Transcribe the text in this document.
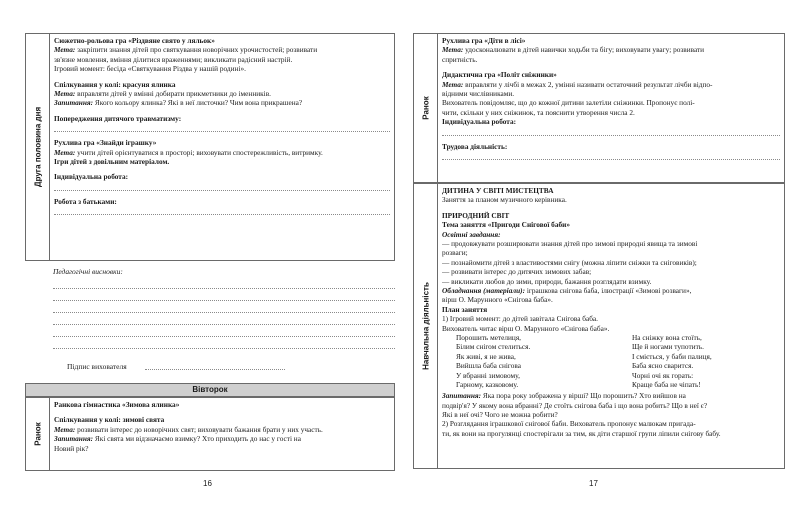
Друга половина дня

Сюжетно-рольова гра «Різдвяне свято у ляльок»

Мета: закріпити знання дітей про святкування новорічних урочистостей; розвивати

зв'язне мовлення, вміння ділитися враженнями; викликати радісний настрій.

Ігровий момент: бесіда «Святкування Різдва у нашій родині».

Спілкування у колі: красуня ялинка

Мета: вправляти дітей у вмінні добирати прикметники до іменників.

Запитання: Якого кольору ялинка? Які в неї листочки? Чим вона прикрашена?

Попередження дитячого травматизму:

Рухлива гра «Знайди іграшку»

Мета: учити дітей орієнтуватися в просторі; виховувати спостережливість, витримку.

Ігри дітей з довільним матеріалом.

Індивідуальна робота:

Робота з батьками:

Педагогічні висновки:
Підпис вихователя
Вівторок
Ранок

Ранкова гімнастика «Зимова ялинка»

Спілкування у колі: зимові свята

Мета: розвивати інтерес до новорічних свят; виховувати бажання брати у них участь.

Запитання: Які свята ми відзначаємо взимку? Хто приходить до нас у гості на

Новий рік?

16
Ранок

Рухлива гра «Діти в лісі»

Мета: удосконалювати в дітей навички ходьби та бігу; виховувати увагу; розвивати

спритність.

Дидактична гра «Політ сніжинки»

Мета: вправляти у лічбі в межах 2, умінні називати остаточний результат лічби відпо-

відними числівниками.

Вихователь повідомляє, що до кожної дитини залетіли сніжинки. Пропонує полі-

чити, скільки у них сніжинок, та пояснити утворення числа 2.

Індивідуальна робота:

Трудова діяльність:

Навчальна діяльність

ДИТИНА У СВІТІ МИСТЕЦТВА

Заняття за планом музичного керівника.

ПРИРОДНИЙ СВІТ

Тема заняття «Пригоди Снігової баби»

Освітні завдання:

— продовжувати розширювати знання дітей про зимові природні явища та зимові

розваги;

— познайомити дітей з властивостями снігу (можна ліпити сніжки та сніговиків);

— розвивати інтерес до дитячих зимових забав;

— викликати любов до зими, природи, бажання розглядати взимку.

Обладнання (матеріали): іграшкова снігова баба, ілюстрації «Зимові розваги»,

вірш О. Марунного «Снігова баба».

План заняття

1) Ігровий момент: до дітей завітала Снігова баба.

Вихователь читає вірш О. Марунного «Снігова баба».

Порошить метелиця,
Білим снігом стелиться.
Як живі, я не жива,
Вийшла баба снігова
У вбранні зимовому,
Гарному, казковому.
На сніжку вона стоїть,
Ще й ногами тупотить.
І сміється, у баби палиця,
Баба ясно сварится.
Чорні очі як горать:
Краще баба не чіпать!

Запитання: Яка пора року зображена у вірші? Що порошить? Хто вийшов на

подвір'я? У якому вона вбранні? Де стоїть снігова баба і що вона робить? Що в неї є?

Які в неї очі? Чого не можна робити?

2) Розглядання іграшкової снігової баби. Вихователь пропонує малюкам пригада-

ти, як вони на прогулянці спостерігали за тим, як діти старшої групи ліпили снігову бабу.

17
